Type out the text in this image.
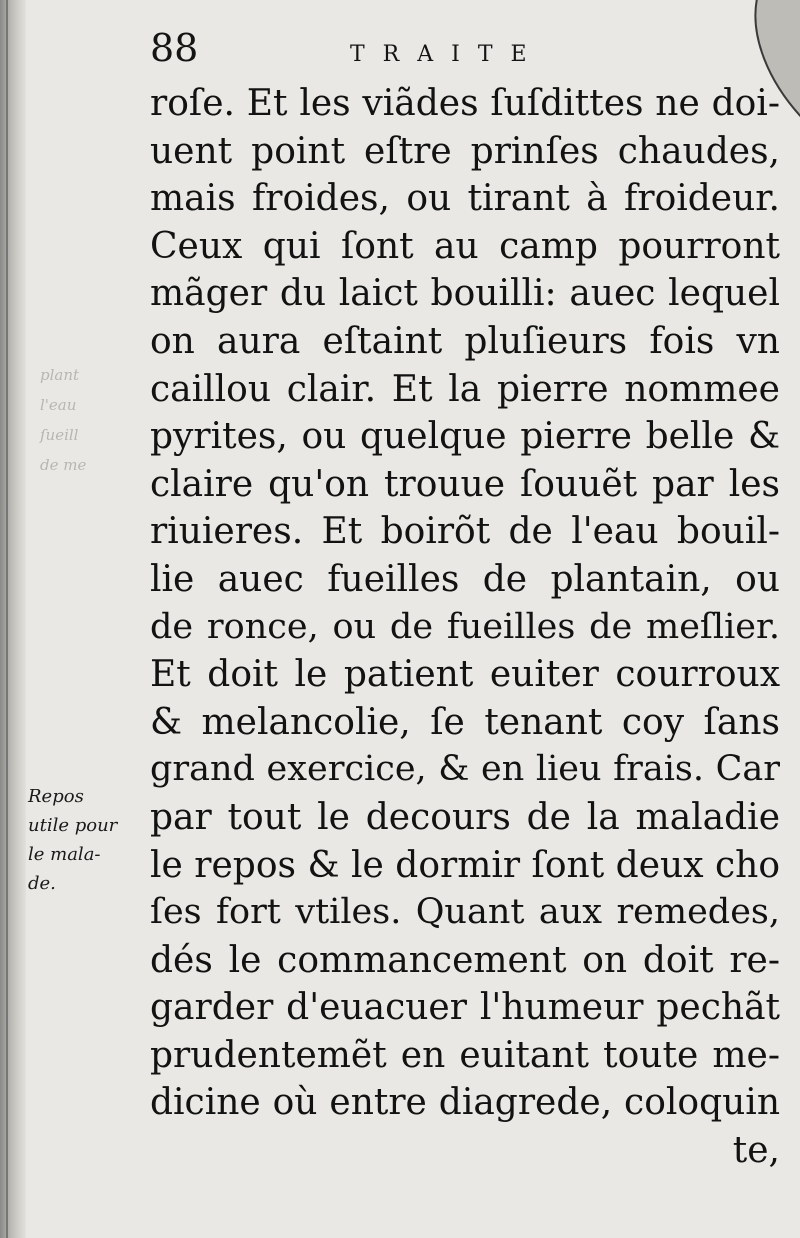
88	TRAITE
plant
l'eau
ſueill
de me
roſe. Et les viãdes ſuſdittes ne doi-
uent point eſtre prinſes chaudes,
mais froides, ou tirant à froideur.
Ceux qui ſont au camp pourront
mãger du laict bouilli: auec lequel
on aura eſtaint pluſieurs fois vn
caillou clair. Et la pierre nommee
pyrites, ou quelque pierre belle &
claire qu'on trouue ſouuẽt par les
riuieres. Et boirõt de l'eau bouil-
lie auec fueilles de plantain, ou
de ronce, ou de fueilles de meſlier.
Et doit le patient euiter courroux
& melancolie, ſe tenant coy ſans
grand exercice, & en lieu frais. Car
par tout le decours de la maladie
le repos & le dormir ſont deux cho
ſes fort vtiles. Quant aux remedes,
dés le commancement on doit re-
garder d'euacuer l'humeur pechãt
prudentemẽt en euitant toute me-
dicine où entre diagrede, coloquin
te,
Repos
utile pour
le mala-
de.
